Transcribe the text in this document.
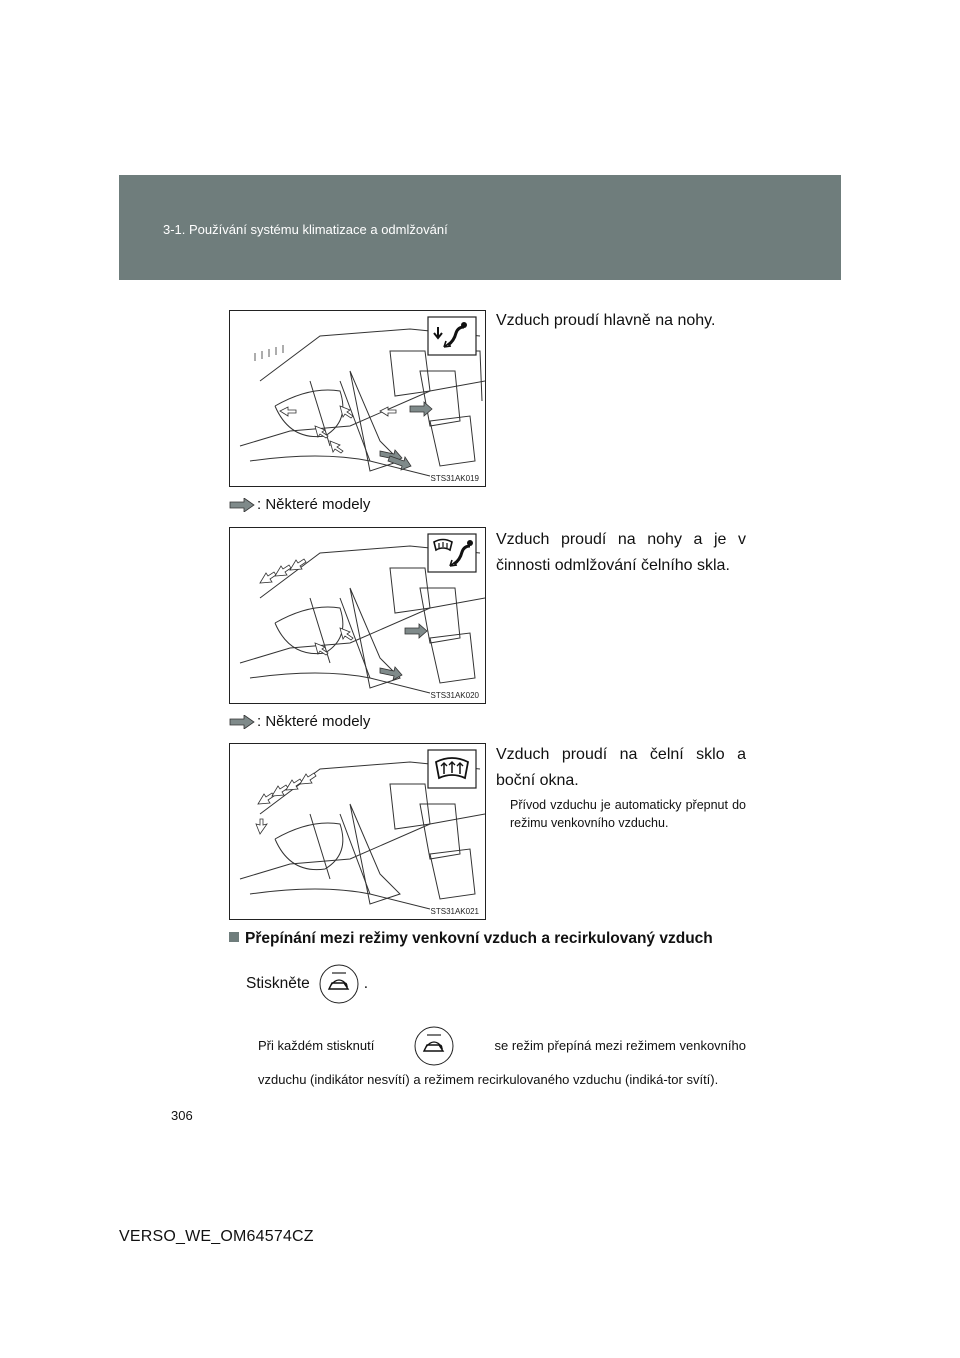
3-1. Používání systému klimatizace a odmlžování
STS31AK019
Vzduch proudí hlavně na nohy.
: Některé modely
STS31AK020
Vzduch proudí na nohy a je v činnosti odmlžování čelního skla.
: Některé modely
STS31AK021
Vzduch proudí na čelní sklo a boční okna.
Přívod vzduchu je automaticky přepnut do režimu venkovního vzduchu.
Přepínání mezi režimy venkovní vzduch a recirkulovaný vzduch
Stiskněte	.
Při každém stisknutí	se režim přepíná mezi režimem venkovního
vzduchu (indikátor nesvítí) a režimem recirkulovaného vzduchu (indiká-tor svítí).
306
VERSO_WE_OM64574CZ
